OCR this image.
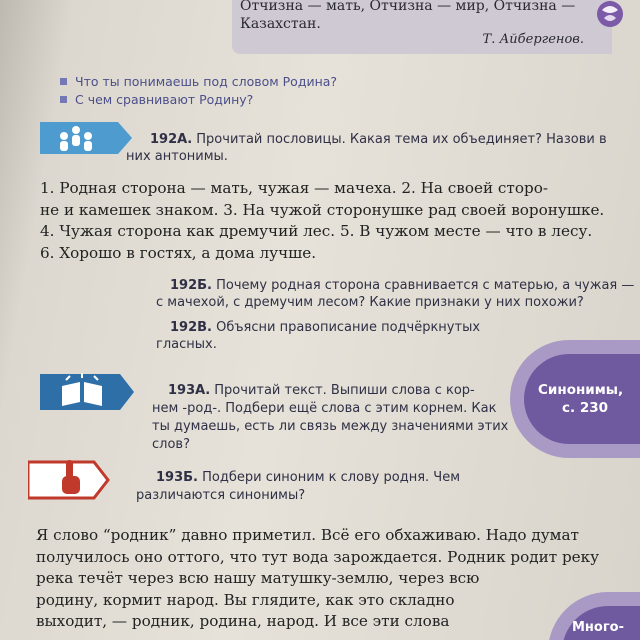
Отчизна — мать, Отчизна — мир, Отчизна —
Казахстан.
Т. Айбергенов.
Что ты понимаешь под словом Родина?
С чем сравнивают Родину?
192А. Прочитай пословицы. Какая тема их объединяет? Назови в
них антонимы.
1. Родная сторона — мать, чужая — мачеха. 2. На своей сторо-
не и камешек знаком. 3. На чужой сторонушке рад своей воронушке.
4. Чужая сторона как дремучий лес. 5. В чужом месте — что в лесу.
6. Хорошо в гостях, а дома лучше.
192Б. Почему родная сторона сравнивается с матерью, а чужая —
с мачехой, с дремучим лесом? Какие признаки у них похожи?
192В. Объясни правописание подчёркнутых
гласных.
Синонимы,
с. 230
193А. Прочитай текст. Выпиши слова с кор-
нем -род-. Подбери ещё слова с этим корнем. Как
ты думаешь, есть ли связь между значениями этих
слов?
193Б. Подбери синоним к слову родня. Чем
различаются синонимы?
Я слово “родник” давно приметил. Всё его обхаживаю. Надо думат
получилось оно оттого, что тут вода зарождается. Родник родит реку
река течёт через всю нашу матушку-землю, через всю
родину, кормит народ. Вы глядите, как это складно
выходит, — родник, родина, народ. И все эти слова	Много-
